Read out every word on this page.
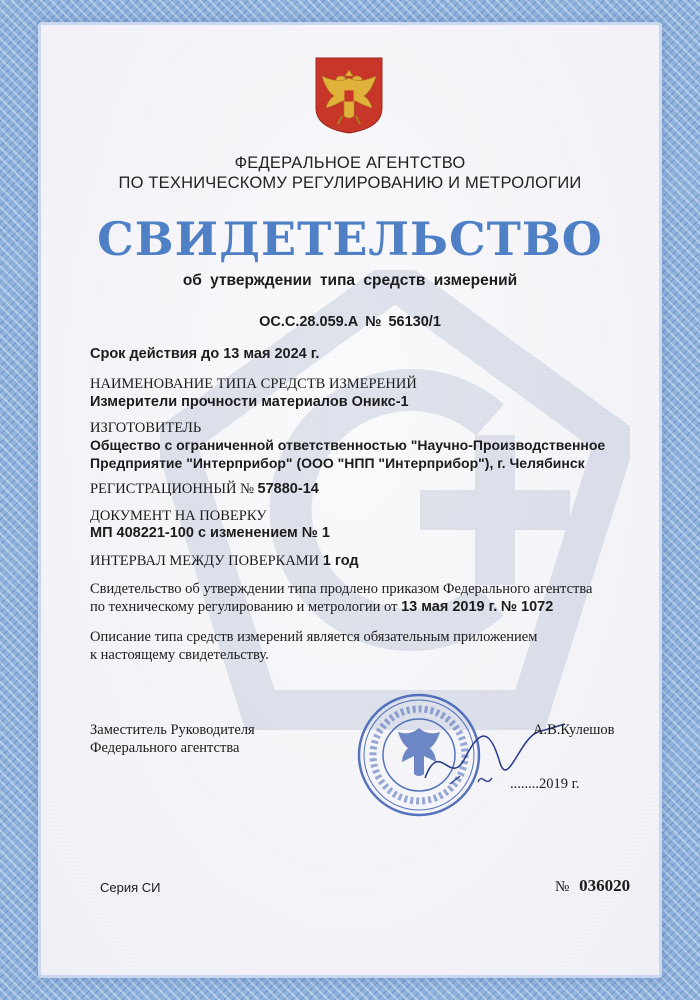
ФЕДЕРАЛЬНОЕ АГЕНТСТВО
ПО ТЕХНИЧЕСКОМУ РЕГУЛИРОВАНИЮ И МЕТРОЛОГИИ
СВИДЕТЕЛЬСТВО
об утверждении типа средств измерений
ОС.С.28.059.А № 56130/1
Срок действия до 13 мая 2024 г.
НАИМЕНОВАНИЕ ТИПА СРЕДСТВ ИЗМЕРЕНИЙ
Измерители прочности материалов Оникс-1
ИЗГОТОВИТЕЛЬ
Общество с ограниченной ответственностью "Научно-Производственное
Предприятие "Интерприбор" (ООО "НПП "Интерприбор"), г. Челябинск
РЕГИСТРАЦИОННЫЙ № 57880-14
ДОКУМЕНТ НА ПОВЕРКУ
МП 408221-100 с изменением № 1
ИНТЕРВАЛ МЕЖДУ ПОВЕРКАМИ 1 год
Свидетельство об утверждении типа продлено приказом Федерального агентства
по техническому регулированию и метрологии от 13 мая 2019 г. № 1072
Описание типа средств измерений является обязательным приложением
к настоящему свидетельству.
Заместитель Руководителя
Федерального агентства
А.В.Кулешов
........2019 г.
Серия СИ	№ 036020
